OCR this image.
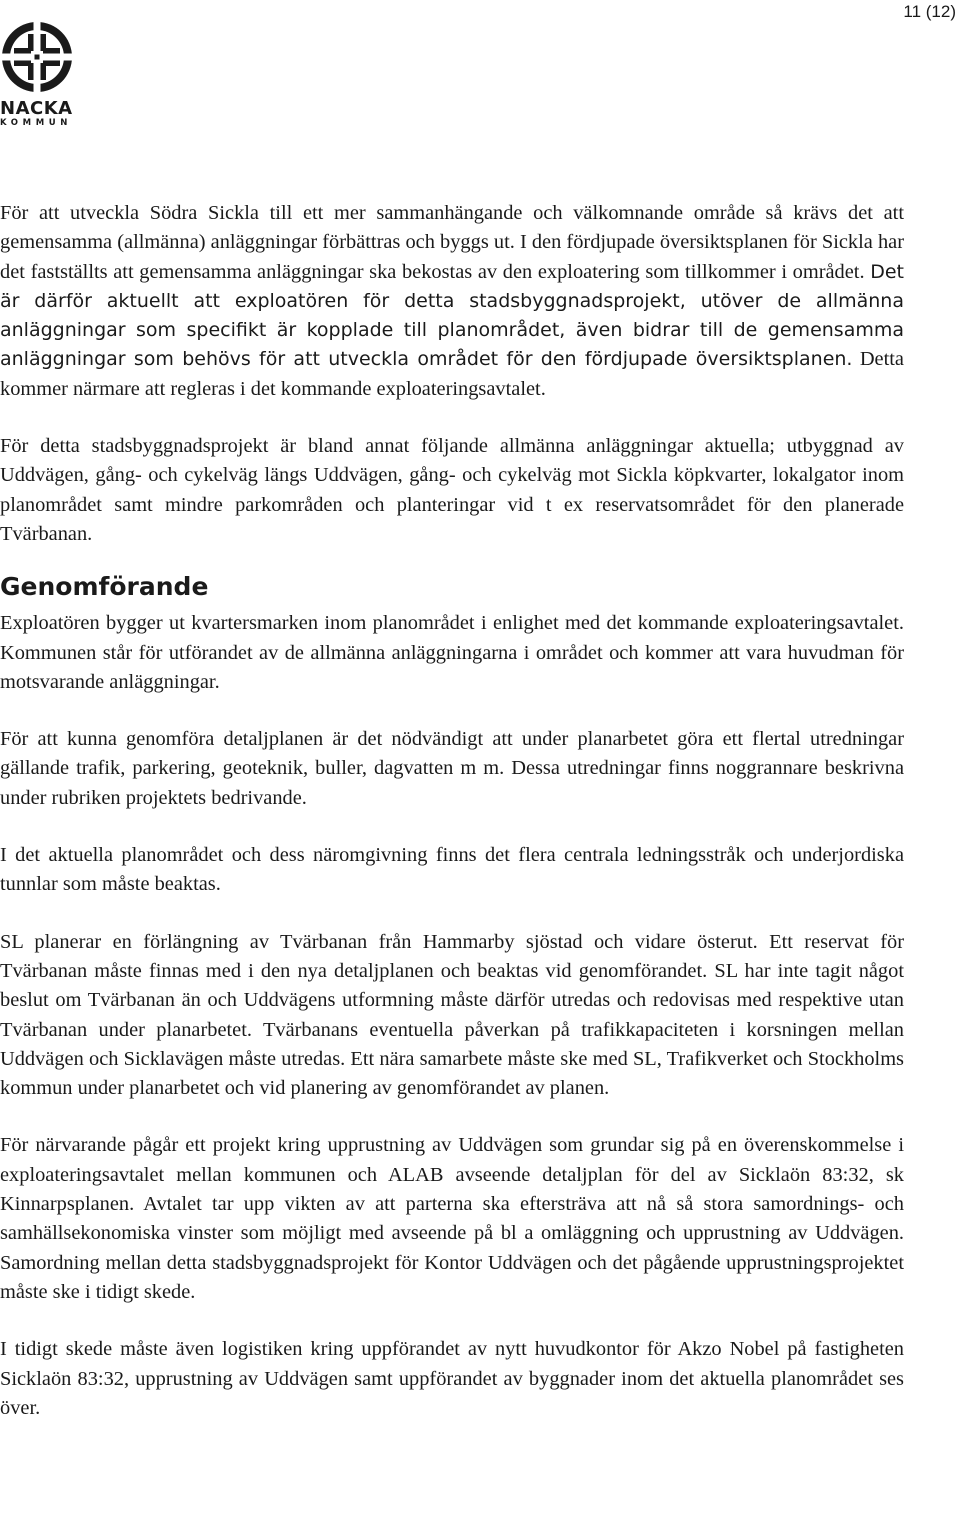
11 (12)
NACKA
KOMMUN

För att utveckla Södra Sickla till ett mer sammanhängande och välkomnande område så krävs det att gemensamma (allmänna) anläggningar förbättras och byggs ut. I den fördjupade översiktsplanen för Sickla har det fastställts att gemensamma anläggningar ska bekostas av den exploatering som tillkommer i området. Det är därför aktuellt att exploatören för detta stadsbyggnadsprojekt, utöver de allmänna anläggningar som specifikt är kopplade till planområdet, även bidrar till de gemensamma anläggningar som behövs för att utveckla området för den fördjupade översiktsplanen. Detta kommer närmare att regleras i det kommande exploateringsavtalet.

För detta stadsbyggnadsprojekt är bland annat följande allmänna anläggningar aktuella; utbyggnad av Uddvägen, gång- och cykelväg längs Uddvägen, gång- och cykelväg mot Sickla köpkvarter, lokalgator inom planområdet samt mindre parkområden och planteringar vid t ex reservatsområdet för den planerade Tvärbanan.

Genomförande

Exploatören bygger ut kvartersmarken inom planområdet i enlighet med det kommande exploateringsavtalet. Kommunen står för utförandet av de allmänna anläggningarna i området och kommer att vara huvudman för motsvarande anläggningar.

För att kunna genomföra detaljplanen är det nödvändigt att under planarbetet göra ett flertal utredningar gällande trafik, parkering, geoteknik, buller, dagvatten m m. Dessa utredningar finns noggrannare beskrivna under rubriken projektets bedrivande.

I det aktuella planområdet och dess näromgivning finns det flera centrala ledningsstråk och underjordiska tunnlar som måste beaktas.

SL planerar en förlängning av Tvärbanan från Hammarby sjöstad och vidare österut. Ett reservat för Tvärbanan måste finnas med i den nya detaljplanen och beaktas vid genomförandet. SL har inte tagit något beslut om Tvärbanan än och Uddvägens utformning måste därför utredas och redovisas med respektive utan Tvärbanan under planarbetet. Tvärbanans eventuella påverkan på trafikkapaciteten i korsningen mellan Uddvägen och Sicklavägen måste utredas. Ett nära samarbete måste ske med SL, Trafikverket och Stockholms kommun under planarbetet och vid planering av genomförandet av planen.

För närvarande pågår ett projekt kring upprustning av Uddvägen som grundar sig på en överenskommelse i exploateringsavtalet mellan kommunen och ALAB avseende detaljplan för del av Sicklaön 83:32, sk Kinnarpsplanen. Avtalet tar upp vikten av att parterna ska eftersträva att nå så stora samordnings- och samhällsekonomiska vinster som möjligt med avseende på bl a omläggning och upprustning av Uddvägen. Samordning mellan detta stadsbyggnadsprojekt för Kontor Uddvägen och det pågående upprustningsprojektet måste ske i tidigt skede.

I tidigt skede måste även logistiken kring uppförandet av nytt huvudkontor för Akzo Nobel på fastigheten Sicklaön 83:32, upprustning av Uddvägen samt uppförandet av byggnader inom det aktuella planområdet ses över.
